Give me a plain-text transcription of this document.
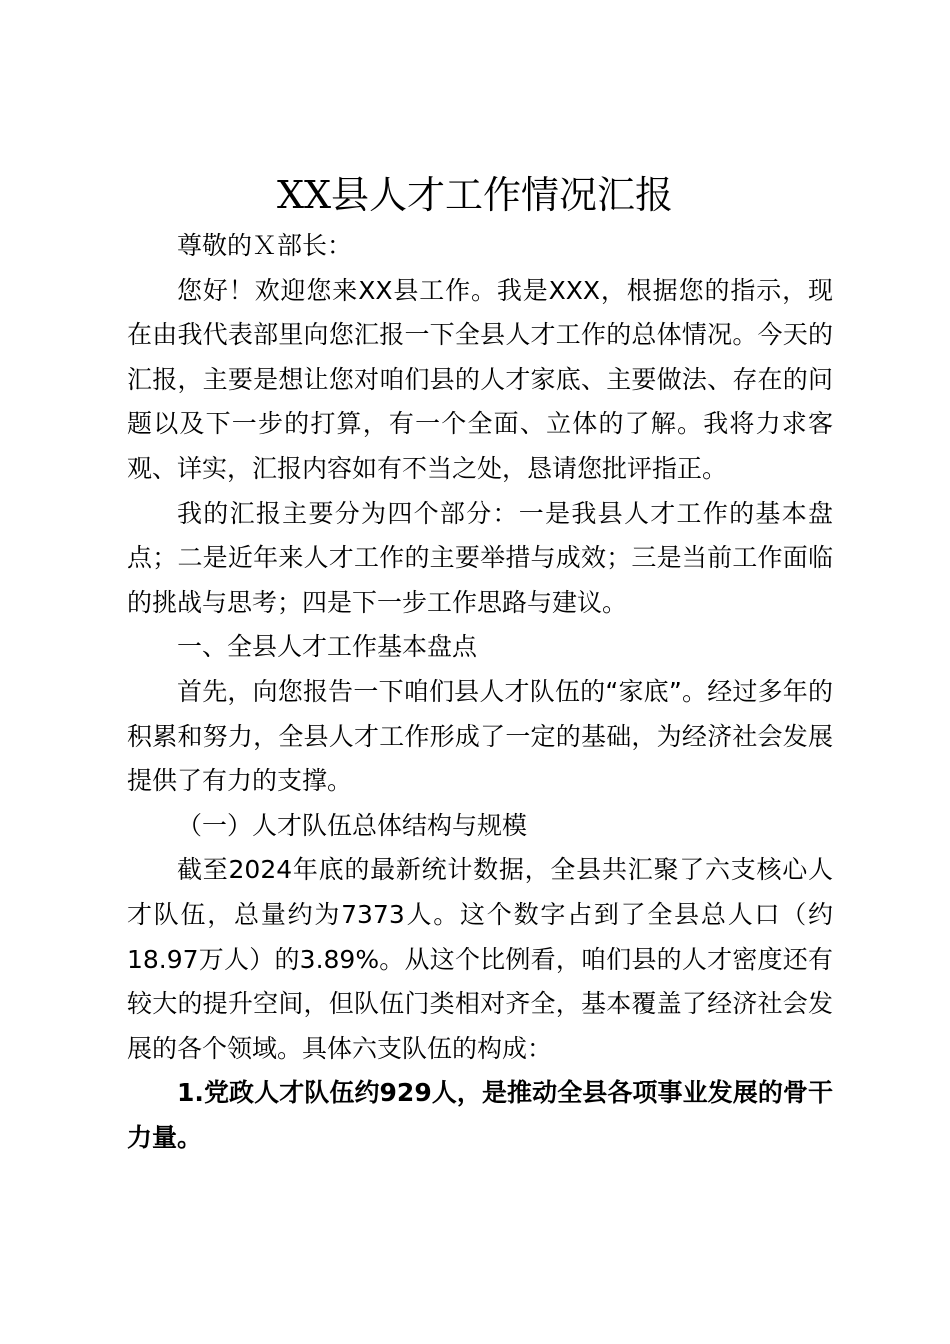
XX县人才工作情况汇报

尊敬的Ｘ部长：

您好！欢迎您来XX县工作。我是XXX，根据您的指示，现在由我代表部里向您汇报一下全县人才工作的总体情况。今天的汇报，主要是想让您对咱们县的人才家底、主要做法、存在的问题以及下一步的打算，有一个全面、立体的了解。我将力求客观、详实，汇报内容如有不当之处，恳请您批评指正。

我的汇报主要分为四个部分：一是我县人才工作的基本盘点；二是近年来人才工作的主要举措与成效；三是当前工作面临的挑战与思考；四是下一步工作思路与建议。

一、全县人才工作基本盘点

首先，向您报告一下咱们县人才队伍的“家底”。经过多年的积累和努力，全县人才工作形成了一定的基础，为经济社会发展提供了有力的支撑。

（一）人才队伍总体结构与规模

截至2024年底的最新统计数据，全县共汇聚了六支核心人才队伍，总量约为7373人。这个数字占到了全县总人口（约18.97万人）的3.89%。从这个比例看，咱们县的人才密度还有较大的提升空间，但队伍门类相对齐全，基本覆盖了经济社会发展的各个领域。具体六支队伍的构成：

1.党政人才队伍约929人，是推动全县各项事业发展的骨干力量。
